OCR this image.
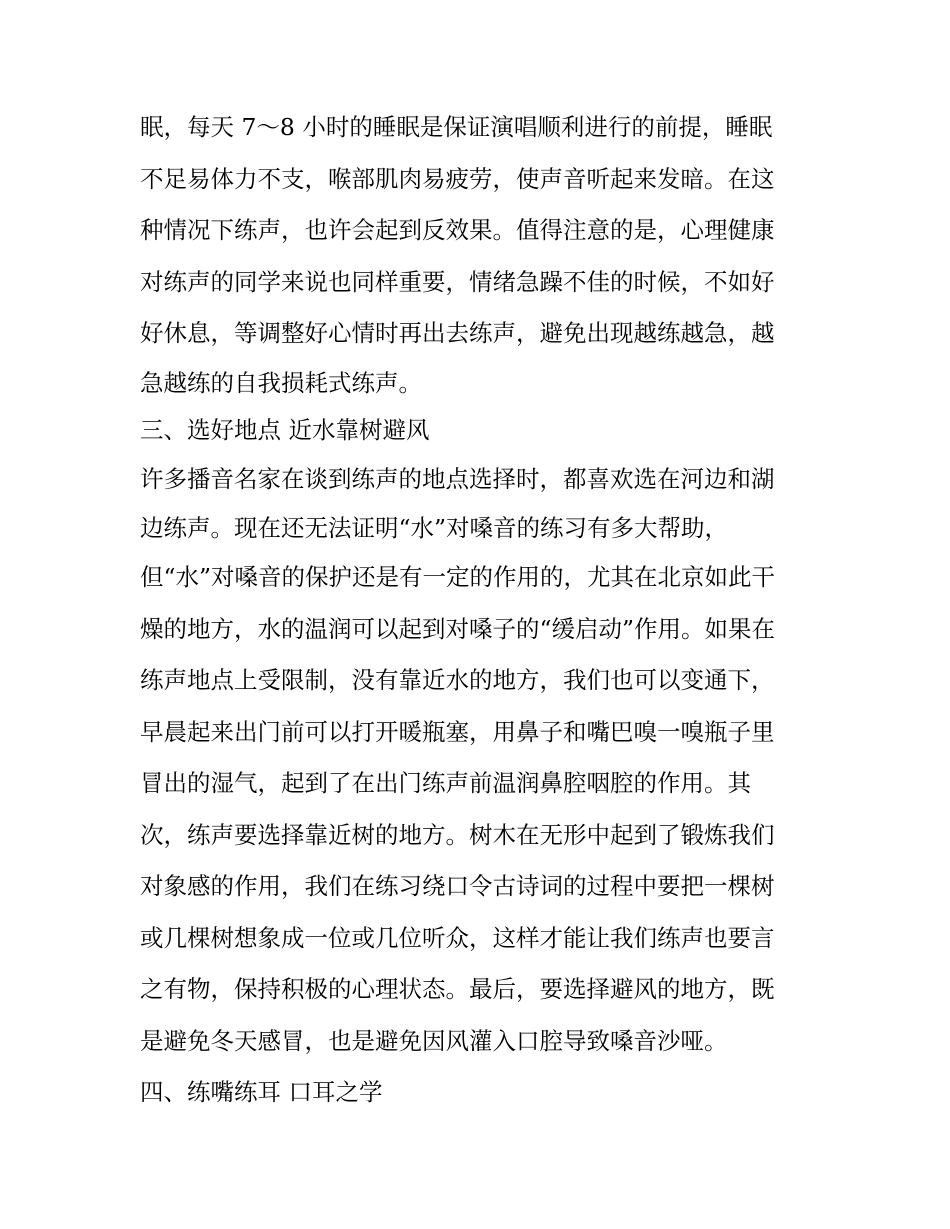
眠，每天 7～8 小时的睡眠是保证演唱顺利进行的前提，睡眠
不足易体力不支，喉部肌肉易疲劳，使声音听起来发暗。在这
种情况下练声，也许会起到反效果。值得注意的是，心理健康
对练声的同学来说也同样重要，情绪急躁不佳的时候，不如好
好休息，等调整好心情时再出去练声，避免出现越练越急，越
急越练的自我损耗式练声。
三、选好地点 近水靠树避风
许多播音名家在谈到练声的地点选择时，都喜欢选在河边和湖
边练声。现在还无法证明“水”对嗓音的练习有多大帮助，
但“水”对嗓音的保护还是有一定的作用的，尤其在北京如此干
燥的地方，水的温润可以起到对嗓子的“缓启动”作用。如果在
练声地点上受限制，没有靠近水的地方，我们也可以变通下，
早晨起来出门前可以打开暖瓶塞，用鼻子和嘴巴嗅一嗅瓶子里
冒出的湿气，起到了在出门练声前温润鼻腔咽腔的作用。其
次，练声要选择靠近树的地方。树木在无形中起到了锻炼我们
对象感的作用，我们在练习绕口令古诗词的过程中要把一棵树
或几棵树想象成一位或几位听众，这样才能让我们练声也要言
之有物，保持积极的心理状态。最后，要选择避风的地方，既
是避免冬天感冒，也是避免因风灌入口腔导致嗓音沙哑。
四、练嘴练耳 口耳之学
